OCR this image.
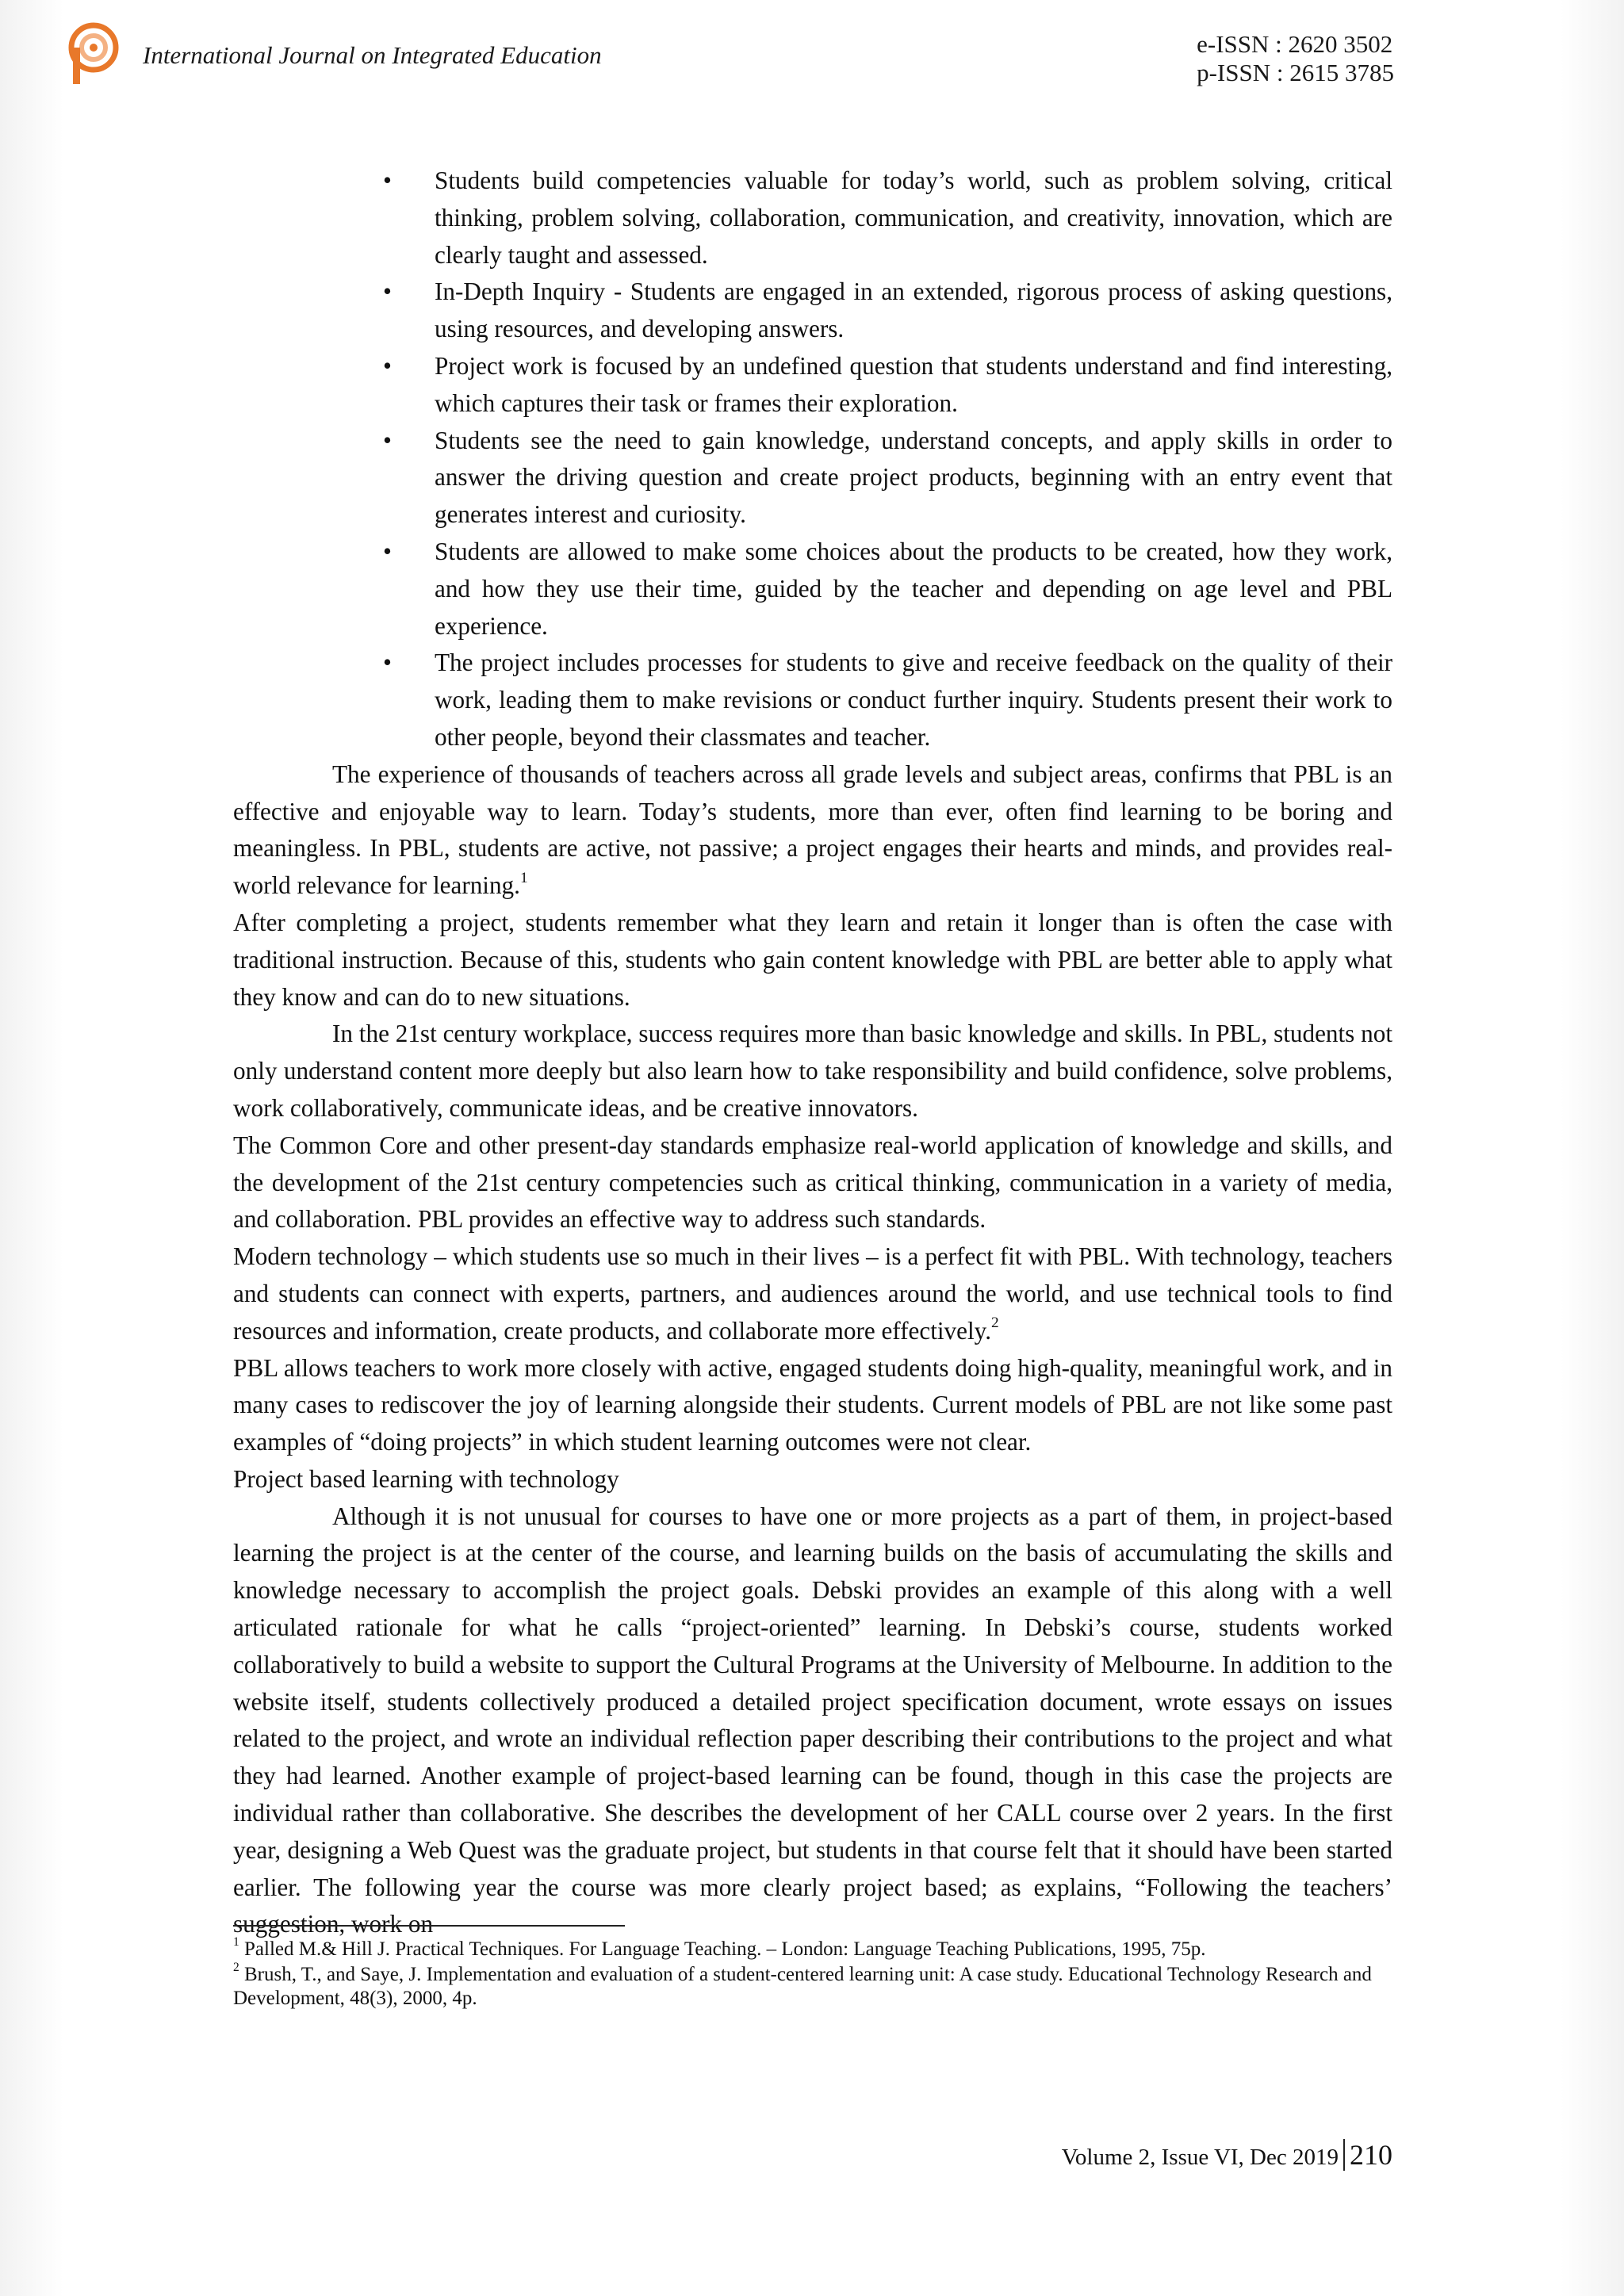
International Journal on Integrated Education	e-ISSN : 2620 3502
p-ISSN : 2615 3785
• Students build competencies valuable for today’s world, such as problem solving, critical thinking, problem solving, collaboration, communication, and creativity, innovation, which are clearly taught and assessed.
• In-Depth Inquiry - Students are engaged in an extended, rigorous process of asking questions, using resources, and developing answers.
• Project work is focused by an undefined question that students understand and find interesting, which captures their task or frames their exploration.
• Students see the need to gain knowledge, understand concepts, and apply skills in order to answer the driving question and create project products, beginning with an entry event that generates interest and curiosity.
• Students are allowed to make some choices about the products to be created, how they work, and how they use their time, guided by the teacher and depending on age level and PBL experience.
• The project includes processes for students to give and receive feedback on the quality of their work, leading them to make revisions or conduct further inquiry. Students present their work to other people, beyond their classmates and teacher.

The experience of thousands of teachers across all grade levels and subject areas, confirms that PBL is an effective and enjoyable way to learn. Today’s students, more than ever, often find learning to be boring and meaningless. In PBL, students are active, not passive; a project engages their hearts and minds, and provides real-world relevance for learning.$^1$

After completing a project, students remember what they learn and retain it longer than is often the case with traditional instruction. Because of this, students who gain content knowledge with PBL are better able to apply what they know and can do to new situations.

In the 21st century workplace, success requires more than basic knowledge and skills. In PBL, students not only understand content more deeply but also learn how to take responsibility and build confidence, solve problems, work collaboratively, communicate ideas, and be creative innovators.

The Common Core and other present-day standards emphasize real-world application of knowledge and skills, and the development of the 21st century competencies such as critical thinking, communication in a variety of media, and collaboration. PBL provides an effective way to address such standards.

Modern technology – which students use so much in their lives – is a perfect fit with PBL. With technology, teachers and students can connect with experts, partners, and audiences around the world, and use technical tools to find resources and information, create products, and collaborate more effectively.$^2$

PBL allows teachers to work more closely with active, engaged students doing high-quality, meaningful work, and in many cases to rediscover the joy of learning alongside their students. Current models of PBL are not like some past examples of “doing projects” in which student learning outcomes were not clear.

Project based learning with technology

Although it is not unusual for courses to have one or more projects as a part of them, in project-based learning the project is at the center of the course, and learning builds on the basis of accumulating the skills and knowledge necessary to accomplish the project goals. Debski provides an example of this along with a well articulated rationale for what he calls “project-oriented” learning. In Debski’s course, students worked collaboratively to build a website to support the Cultural Programs at the University of Melbourne. In addition to the website itself, students collectively produced a detailed project specification document, wrote essays on issues related to the project, and wrote an individual reflection paper describing their contributions to the project and what they had learned. Another example of project-based learning can be found, though in this case the projects are individual rather than collaborative. She describes the development of her CALL course over 2 years. In the first year, designing a Web Quest was the graduate project, but students in that course felt that it should have been started earlier. The following year the course was more clearly project based; as explains, “Following the teachers’ suggestion, work on

$^1$ Palled M.& Hill J. Practical Techniques. For Language Teaching. – London: Language Teaching Publications, 1995, 75p.

$^2$ Brush, T., and Saye, J. Implementation and evaluation of a student-centered learning unit: A case study. Educational Technology Research and Development, 48(3), 2000, 4p.

Volume 2, Issue VI, Dec 2019 210
